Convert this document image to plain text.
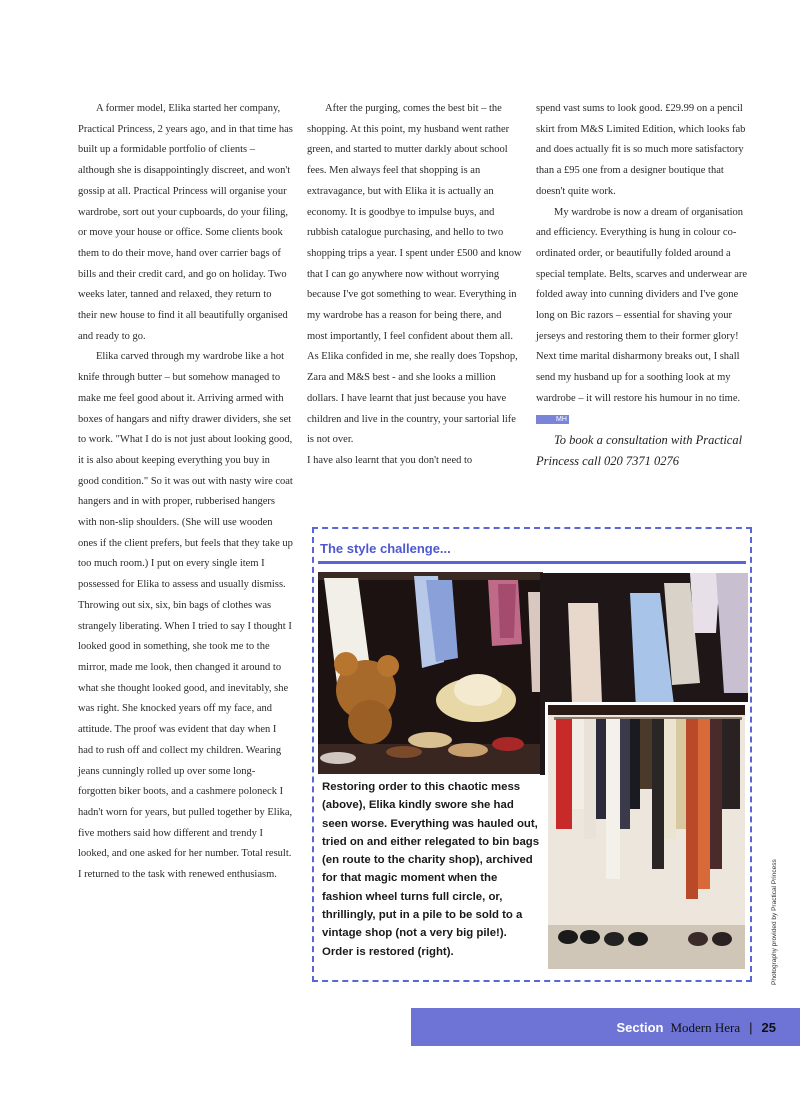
A former model, Elika started her company, Practical Princess, 2 years ago, and in that time has built up a formidable portfolio of clients – although she is disappointingly discreet, and won't gossip at all. Practical Princess will organise your wardrobe, sort out your cupboards, do your filing, or move your house or office. Some clients book them to do their move, hand over carrier bags of bills and their credit card, and go on holiday. Two weeks later, tanned and relaxed, they return to their new house to find it all beautifully organised and ready to go.

Elika carved through my wardrobe like a hot knife through butter – but somehow managed to make me feel good about it. Arriving armed with boxes of hangars and nifty drawer dividers, she set to work. "What I do is not just about looking good, it is also about keeping everything you buy in good condition." So it was out with nasty wire coat hangers and in with proper, rubberised hangers with non-slip shoulders. (She will use wooden ones if the client prefers, but feels that they take up too much room.) I put on every single item I possessed for Elika to assess and usually dismiss. Throwing out six, six, bin bags of clothes was strangely liberating. When I tried to say I thought I looked good in something, she took me to the mirror, made me look, then changed it around to what she thought looked good, and inevitably, she was right. She knocked years off my face, and attitude. The proof was evident that day when I had to rush off and collect my children. Wearing jeans cunningly rolled up over some long-forgotten biker boots, and a cashmere poloneck I hadn't worn for years, but pulled together by Elika, five mothers said how different and trendy I looked, and one asked for her number. Total result. I returned to the task with renewed enthusiasm.

After the purging, comes the best bit – the shopping. At this point, my husband went rather green, and started to mutter darkly about school fees. Men always feel that shopping is an extravagance, but with Elika it is actually an economy. It is goodbye to impulse buys, and rubbish catalogue purchasing, and hello to two shopping trips a year. I spent under £500 and know that I can go anywhere now without worrying because I've got something to wear. Everything in my wardrobe has a reason for being there, and most importantly, I feel confident about them all. As Elika confided in me, she really does Topshop, Zara and M&S best - and she looks a million dollars. I have learnt that just because you have children and live in the country, your sartorial life is not over.

I have also learnt that you don't need to

spend vast sums to look good. £29.99 on a pencil skirt from M&S Limited Edition, which looks fab and does actually fit is so much more satisfactory than a £95 one from a designer boutique that doesn't quite work.

My wardrobe is now a dream of organisation and efficiency. Everything is hung in colour co-ordinated order, or beautifully folded around a special template. Belts, scarves and underwear are folded away into cunning dividers and I've gone long on Bic razors – essential for shaving your jerseys and restoring them to their former glory! Next time marital disharmony breaks out, I shall send my husband up for a soothing look at my wardrobe – it will restore his humour in no time. MH

To book a consultation with Practical Princess call 020 7371 0276

The style challenge...

Restoring order to this chaotic mess (above), Elika kindly swore she had seen worse. Everything was hauled out, tried on and either relegated to bin bags (en route to the charity shop), archived for that magic moment when the fashion wheel turns full circle, or, thrillingly, put in a pile to be sold to a vintage shop (not a very big pile!). Order is restored (right).	Photography provided by Practical Princess
Section Modern Hera | 25
